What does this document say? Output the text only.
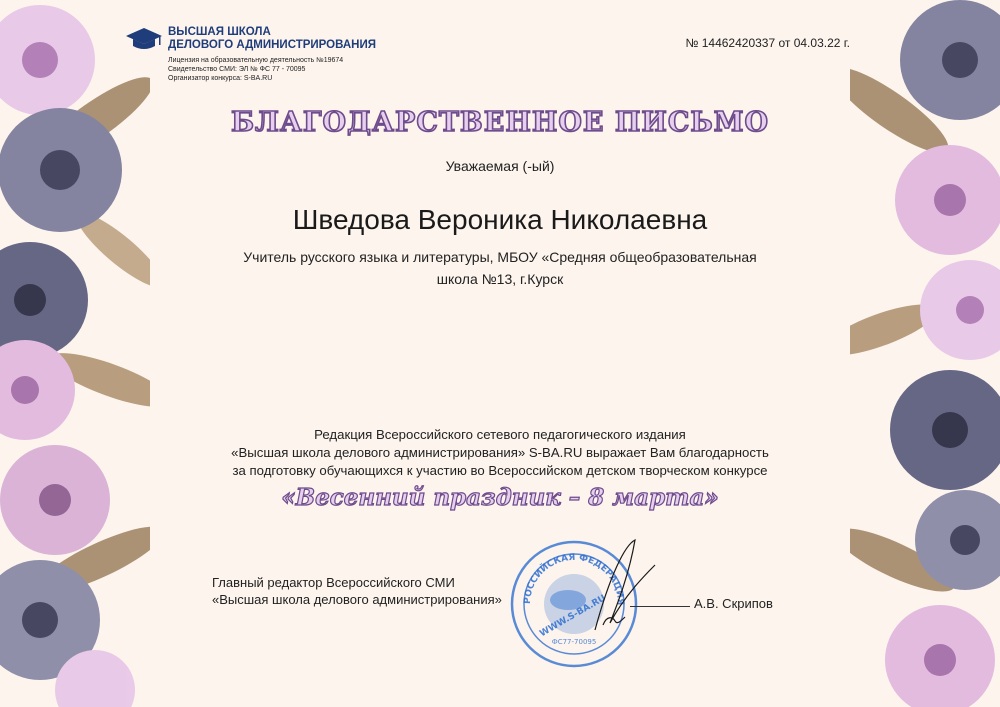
ВЫСШАЯ ШКОЛА
ДЕЛОВОГО АДМИНИСТРИРОВАНИЯ
Лицензия на образовательную деятельность №19674
Свидетельство СМИ: ЭЛ № ФС 77 - 70095
Организатор конкурса: S-BA.RU
№ 14462420337 от 04.03.22 г.
БЛАГОДАРСТВЕННОЕ ПИСЬМО
Уважаемая (-ый)
Шведова Вероника Николаевна
Учитель русского языка и литературы, МБОУ «Средняя общеобразовательная
школа №13, г.Курск
Редакция Всероссийского сетевого педагогического издания
«Высшая школа делового администрирования» S-BA.RU выражает Вам благодарность
за подготовку обучающихся к участию во Всероссийском детском творческом конкурсе
«Весенний праздник – 8 марта»
Главный редактор Всероссийского СМИ
«Высшая школа делового администрирования» РОССИЙСКАЯ ФЕДЕРАЦИЯ
WWW.S-BA.RU
ФС77-70095
А.В. Скрипов
